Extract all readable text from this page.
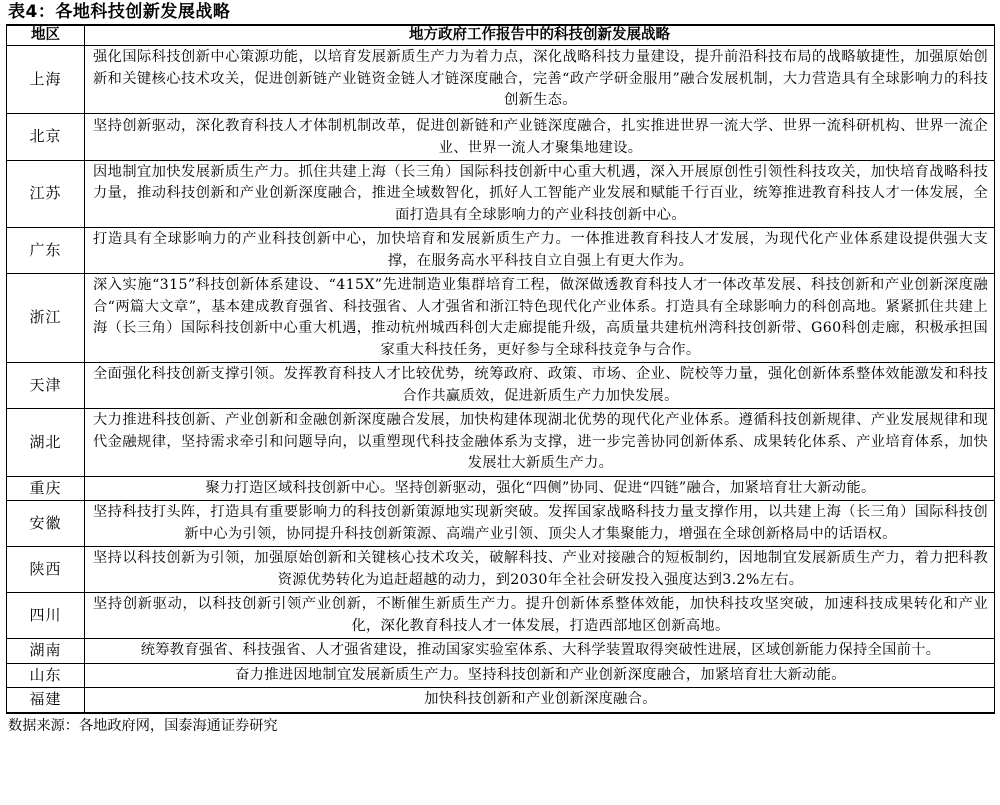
表4：各地科技创新发展战略
地区	地方政府工作报告中的科技创新发展战略
上海	强化国际科技创新中心策源功能，以培育发展新质生产力为着力点，深化战略科技力量建设，提升前沿科技布局的战略敏捷性，加强原始创新和关键核心技术攻关，促进创新链产业链资金链人才链深度融合，完善“政产学研金服用”融合发展机制，大力营造具有全球影响力的科技创新生态。
北京	坚持创新驱动，深化教育科技人才体制机制改革，促进创新链和产业链深度融合，扎实推进世界一流大学、世界一流科研机构、世界一流企业、世界一流人才聚集地建设。
江苏	因地制宜加快发展新质生产力。抓住共建上海（长三角）国际科技创新中心重大机遇，深入开展原创性引领性科技攻关，加快培育战略科技力量，推动科技创新和产业创新深度融合，推进全域数智化，抓好人工智能产业发展和赋能千行百业，统筹推进教育科技人才一体发展，全面打造具有全球影响力的产业科技创新中心。
广东	打造具有全球影响力的产业科技创新中心，加快培育和发展新质生产力。一体推进教育科技人才发展，为现代化产业体系建设提供强大支撑，在服务高水平科技自立自强上有更大作为。
浙江	深入实施“315”科技创新体系建设、“415X”先进制造业集群培育工程，做深做透教育科技人才一体改革发展、科技创新和产业创新深度融合“两篇大文章”，基本建成教育强省、科技强省、人才强省和浙江特色现代化产业体系。打造具有全球影响力的科创高地。紧紧抓住共建上海（长三角）国际科技创新中心重大机遇，推动杭州城西科创大走廊提能升级，高质量共建杭州湾科技创新带、G60科创走廊，积极承担国家重大科技任务，更好参与全球科技竞争与合作。
天津	全面强化科技创新支撑引领。发挥教育科技人才比较优势，统筹政府、政策、市场、企业、院校等力量，强化创新体系整体效能激发和科技合作共赢质效，促进新质生产力加快发展。
湖北	大力推进科技创新、产业创新和金融创新深度融合发展，加快构建体现湖北优势的现代化产业体系。遵循科技创新规律、产业发展规律和现代金融规律，坚持需求牵引和问题导向，以重塑现代科技金融体系为支撑，进一步完善协同创新体系、成果转化体系、产业培育体系，加快发展壮大新质生产力。
重庆	聚力打造区域科技创新中心。坚持创新驱动，强化“四侧”协同、促进“四链”融合，加紧培育壮大新动能。
安徽	坚持科技打头阵，打造具有重要影响力的科技创新策源地实现新突破。发挥国家战略科技力量支撑作用，以共建上海（长三角）国际科技创新中心为引领，协同提升科技创新策源、高端产业引领、顶尖人才集聚能力，增强在全球创新格局中的话语权。
陕西	坚持以科技创新为引领，加强原始创新和关键核心技术攻关，破解科技、产业对接融合的短板制约，因地制宜发展新质生产力，着力把科教资源优势转化为追赶超越的动力，到2030年全社会研发投入强度达到3.2%左右。
四川	坚持创新驱动，以科技创新引领产业创新，不断催生新质生产力。提升创新体系整体效能，加快科技攻坚突破，加速科技成果转化和产业化，深化教育科技人才一体发展，打造西部地区创新高地。
湖南	统筹教育强省、科技强省、人才强省建设，推动国家实验室体系、大科学装置取得突破性进展，区域创新能力保持全国前十。
山东	奋力推进因地制宜发展新质生产力。坚持科技创新和产业创新深度融合，加紧培育壮大新动能。
福建	加快科技创新和产业创新深度融合。
数据来源：各地政府网，国泰海通证券研究
